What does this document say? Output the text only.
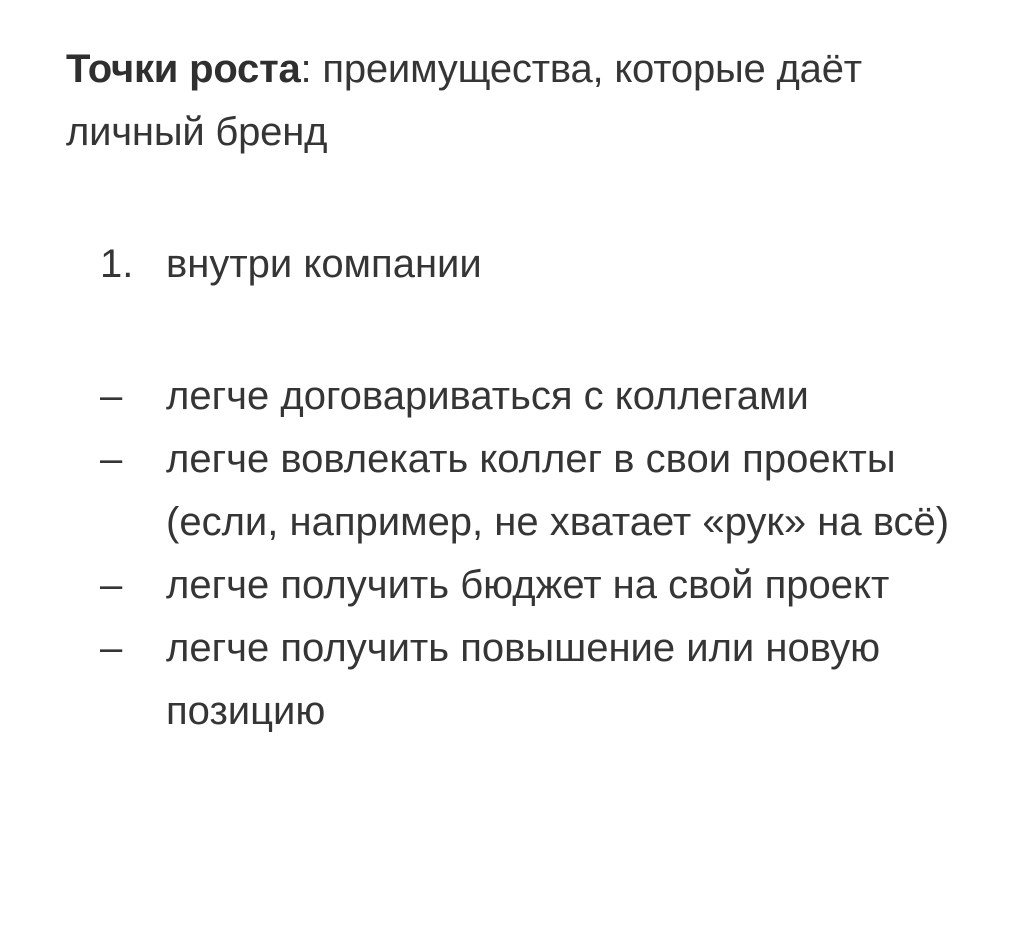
Точки роста: преимущества, которые даёт личный бренд

1. внутри компании
–	легче договариваться с коллегами
–	легче вовлекать коллег в свои проекты (если, например, не хватает «рук» на всё)
–	легче получить бюджет на свой проект
–	легче получить повышение или новую позицию
